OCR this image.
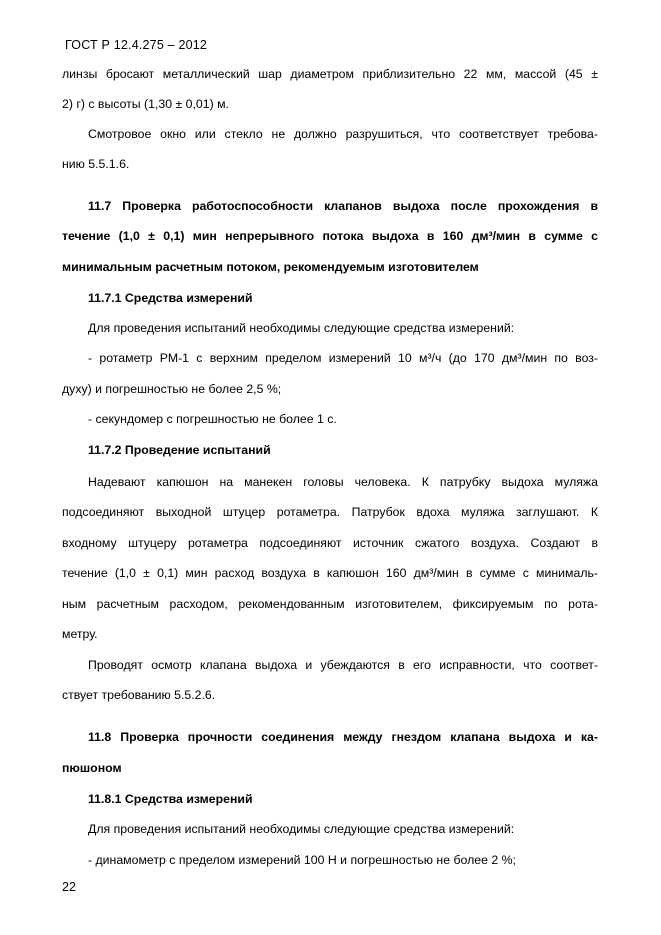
ГОСТ Р 12.4.275 – 2012
линзы бросают металлический шар диаметром приблизительно 22 мм, массой (45 ±
2) г) с высоты (1,30 ± 0,01) м.
Смотровое окно или стекло не должно разрушиться, что соответствует требова-
нию 5.5.1.6.
11.7 Проверка работоспособности клапанов выдоха после прохождения в
течение (1,0 ± 0,1) мин непрерывного потока выдоха в 160 дм³/мин в сумме с
минимальным расчетным потоком, рекомендуемым изготовителем
11.7.1 Средства измерений
Для проведения испытаний необходимы следующие средства измерений:
- ротаметр РМ-1 с верхним пределом измерений 10 м³/ч (до 170 дм³/мин по воз-
духу) и погрешностью не более 2,5 %;
- секундомер с погрешностью не более 1 с.
11.7.2 Проведение испытаний
Надевают капюшон на манекен головы человека. К патрубку выдоха муляжа
подсоединяют выходной штуцер ротаметра. Патрубок вдоха муляжа заглушают. К
входному штуцеру ротаметра подсоединяют источник сжатого воздуха. Создают в
течение (1,0 ± 0,1) мин расход воздуха в капюшон 160 дм³/мин в сумме с минималь-
ным расчетным расходом, рекомендованным изготовителем, фиксируемым по рота-
метру.
Проводят осмотр клапана выдоха и убеждаются в его исправности, что соответ-
ствует требованию 5.5.2.6.
11.8 Проверка прочности соединения между гнездом клапана выдоха и ка-
пюшоном
11.8.1 Средства измерений
Для проведения испытаний необходимы следующие средства измерений:
- динамометр с пределом измерений 100 Н и погрешностью не более 2 %;
22
